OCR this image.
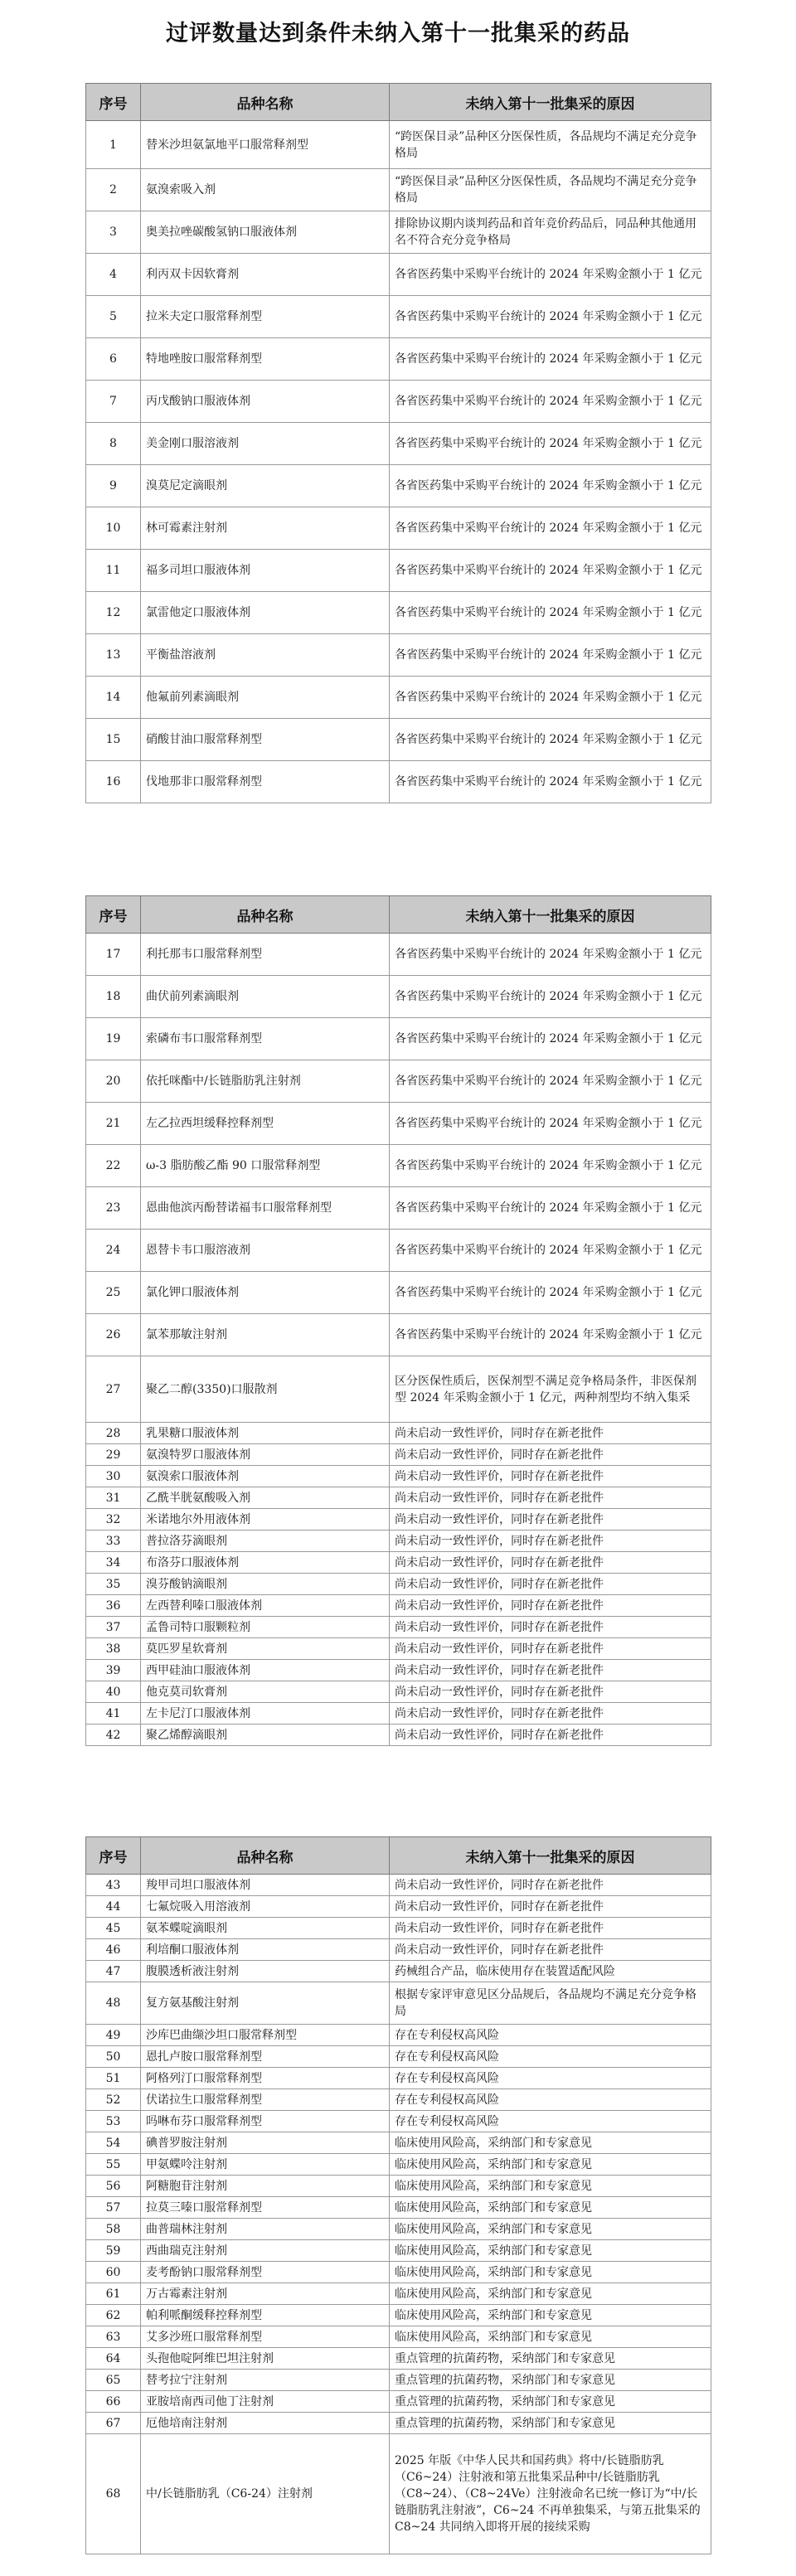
过评数量达到条件未纳入第十一批集采的药品
序号	品种名称	未纳入第十一批集采的原因
1	替米沙坦氨氯地平口服常释剂型	“跨医保目录”品种区分医保性质，各品规均不满足充分竞争格局
2	氨溴索吸入剂	“跨医保目录”品种区分医保性质，各品规均不满足充分竞争格局
3	奥美拉唑碳酸氢钠口服液体剂	排除协议期内谈判药品和首年竞价药品后，同品种其他通用名不符合充分竞争格局
4	利丙双卡因软膏剂	各省医药集中采购平台统计的 2024 年采购金额小于 1 亿元
5	拉米夫定口服常释剂型	各省医药集中采购平台统计的 2024 年采购金额小于 1 亿元
6	特地唑胺口服常释剂型	各省医药集中采购平台统计的 2024 年采购金额小于 1 亿元
7	丙戊酸钠口服液体剂	各省医药集中采购平台统计的 2024 年采购金额小于 1 亿元
8	美金刚口服溶液剂	各省医药集中采购平台统计的 2024 年采购金额小于 1 亿元
9	溴莫尼定滴眼剂	各省医药集中采购平台统计的 2024 年采购金额小于 1 亿元
10	林可霉素注射剂	各省医药集中采购平台统计的 2024 年采购金额小于 1 亿元
11	福多司坦口服液体剂	各省医药集中采购平台统计的 2024 年采购金额小于 1 亿元
12	氯雷他定口服液体剂	各省医药集中采购平台统计的 2024 年采购金额小于 1 亿元
13	平衡盐溶液剂	各省医药集中采购平台统计的 2024 年采购金额小于 1 亿元
14	他氟前列素滴眼剂	各省医药集中采购平台统计的 2024 年采购金额小于 1 亿元
15	硝酸甘油口服常释剂型	各省医药集中采购平台统计的 2024 年采购金额小于 1 亿元
16	伐地那非口服常释剂型	各省医药集中采购平台统计的 2024 年采购金额小于 1 亿元
序号	品种名称	未纳入第十一批集采的原因
17	利托那韦口服常释剂型	各省医药集中采购平台统计的 2024 年采购金额小于 1 亿元
18	曲伏前列素滴眼剂	各省医药集中采购平台统计的 2024 年采购金额小于 1 亿元
19	索磷布韦口服常释剂型	各省医药集中采购平台统计的 2024 年采购金额小于 1 亿元
20	依托咪酯中/长链脂肪乳注射剂	各省医药集中采购平台统计的 2024 年采购金额小于 1 亿元
21	左乙拉西坦缓释控释剂型	各省医药集中采购平台统计的 2024 年采购金额小于 1 亿元
22	ω-3 脂肪酸乙酯 90 口服常释剂型	各省医药集中采购平台统计的 2024 年采购金额小于 1 亿元
23	恩曲他滨丙酚替诺福韦口服常释剂型	各省医药集中采购平台统计的 2024 年采购金额小于 1 亿元
24	恩替卡韦口服溶液剂	各省医药集中采购平台统计的 2024 年采购金额小于 1 亿元
25	氯化钾口服液体剂	各省医药集中采购平台统计的 2024 年采购金额小于 1 亿元
26	氯苯那敏注射剂	各省医药集中采购平台统计的 2024 年采购金额小于 1 亿元
27	聚乙二醇(3350)口服散剂	区分医保性质后，医保剂型不满足竞争格局条件，非医保剂型 2024 年采购金额小于 1 亿元，两种剂型均不纳入集采
28	乳果糖口服液体剂	尚未启动一致性评价，同时存在新老批件
29	氨溴特罗口服液体剂	尚未启动一致性评价，同时存在新老批件
30	氨溴索口服液体剂	尚未启动一致性评价，同时存在新老批件
31	乙酰半胱氨酸吸入剂	尚未启动一致性评价，同时存在新老批件
32	米诺地尔外用液体剂	尚未启动一致性评价，同时存在新老批件
33	普拉洛芬滴眼剂	尚未启动一致性评价，同时存在新老批件
34	布洛芬口服液体剂	尚未启动一致性评价，同时存在新老批件
35	溴芬酸钠滴眼剂	尚未启动一致性评价，同时存在新老批件
36	左西替利嗪口服液体剂	尚未启动一致性评价，同时存在新老批件
37	孟鲁司特口服颗粒剂	尚未启动一致性评价，同时存在新老批件
38	莫匹罗星软膏剂	尚未启动一致性评价，同时存在新老批件
39	西甲硅油口服液体剂	尚未启动一致性评价，同时存在新老批件
40	他克莫司软膏剂	尚未启动一致性评价，同时存在新老批件
41	左卡尼汀口服液体剂	尚未启动一致性评价，同时存在新老批件
42	聚乙烯醇滴眼剂	尚未启动一致性评价，同时存在新老批件
序号	品种名称	未纳入第十一批集采的原因
43	羧甲司坦口服液体剂	尚未启动一致性评价，同时存在新老批件
44	七氟烷吸入用溶液剂	尚未启动一致性评价，同时存在新老批件
45	氨苯蝶啶滴眼剂	尚未启动一致性评价，同时存在新老批件
46	利培酮口服液体剂	尚未启动一致性评价，同时存在新老批件
47	腹膜透析液注射剂	药械组合产品，临床使用存在装置适配风险
48	复方氨基酸注射剂	根据专家评审意见区分品规后，各品规均不满足充分竞争格局
49	沙库巴曲缬沙坦口服常释剂型	存在专利侵权高风险
50	恩扎卢胺口服常释剂型	存在专利侵权高风险
51	阿格列汀口服常释剂型	存在专利侵权高风险
52	伏诺拉生口服常释剂型	存在专利侵权高风险
53	吗啉布芬口服常释剂型	存在专利侵权高风险
54	碘普罗胺注射剂	临床使用风险高，采纳部门和专家意见
55	甲氨蝶呤注射剂	临床使用风险高，采纳部门和专家意见
56	阿糖胞苷注射剂	临床使用风险高，采纳部门和专家意见
57	拉莫三嗪口服常释剂型	临床使用风险高，采纳部门和专家意见
58	曲普瑞林注射剂	临床使用风险高，采纳部门和专家意见
59	西曲瑞克注射剂	临床使用风险高，采纳部门和专家意见
60	麦考酚钠口服常释剂型	临床使用风险高，采纳部门和专家意见
61	万古霉素注射剂	临床使用风险高，采纳部门和专家意见
62	帕利哌酮缓释控释剂型	临床使用风险高，采纳部门和专家意见
63	艾多沙班口服常释剂型	临床使用风险高，采纳部门和专家意见
64	头孢他啶阿维巴坦注射剂	重点管理的抗菌药物，采纳部门和专家意见
65	替考拉宁注射剂	重点管理的抗菌药物，采纳部门和专家意见
66	亚胺培南西司他丁注射剂	重点管理的抗菌药物，采纳部门和专家意见
67	厄他培南注射剂	重点管理的抗菌药物，采纳部门和专家意见
68	中/长链脂肪乳（C6-24）注射剂	2025 年版《中华人民共和国药典》将中/长链脂肪乳（C6~24）注射液和第五批集采品种中/长链脂肪乳（C8~24）、（C8~24Ve）注射液命名已统一修订为“中/长链脂肪乳注射液”，C6~24 不再单独集采，与第五批集采的 C8~24 共同纳入即将开展的接续采购
